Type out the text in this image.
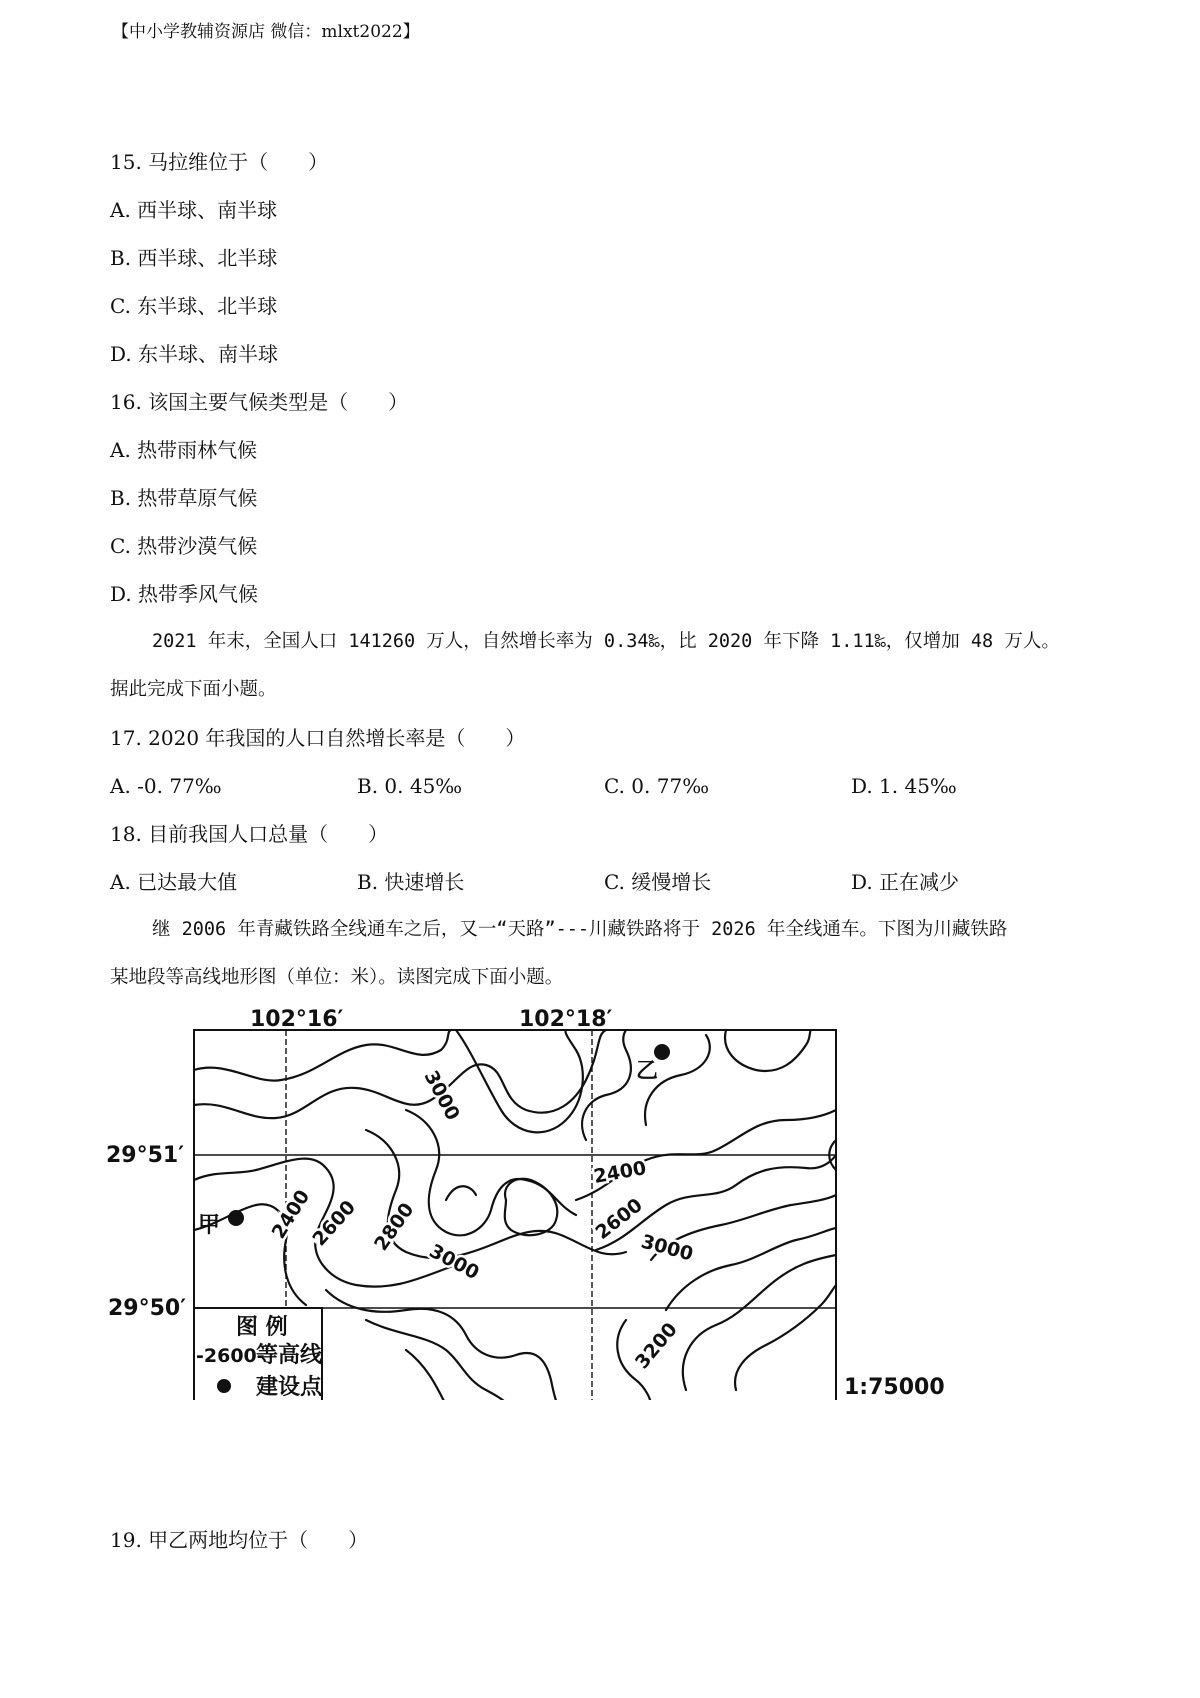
【中小学教辅资源店 微信：mlxt2022】
15. 马拉维位于（　　）
A. 西半球、南半球
B. 西半球、北半球
C. 东半球、北半球
D. 东半球、南半球
16. 该国主要气候类型是（　　）
A. 热带雨林气候
B. 热带草原气候
C. 热带沙漠气候
D. 热带季风气候
2021 年末，全国人口 141260 万人，自然增长率为 0.34‰，比 2020 年下降 1.11‰，仅增加 48 万人。
据此完成下面小题。
17. 2020 年我国的人口自然增长率是（　　）
A. -0. 77‰	B. 0. 45‰	C. 0. 77‰	D. 1. 45‰
18. 目前我国人口总量（　　）
A. 已达最大值	B. 快速增长	C. 缓慢增长	D. 正在减少
继 2006 年青藏铁路全线通车之后，又一“天路”---川藏铁路将于 2026 年全线通车。下图为川藏铁路
某地段等高线地形图（单位：米）。读图完成下面小题。
图 例
-2600-
等高线
建设点
102°16′	102°18′
29°51′
29°50′
3000
2400
2400
2600 2800
3000
2600
3000
3200
甲
乙
1:75000
19. 甲乙两地均位于（　　）
